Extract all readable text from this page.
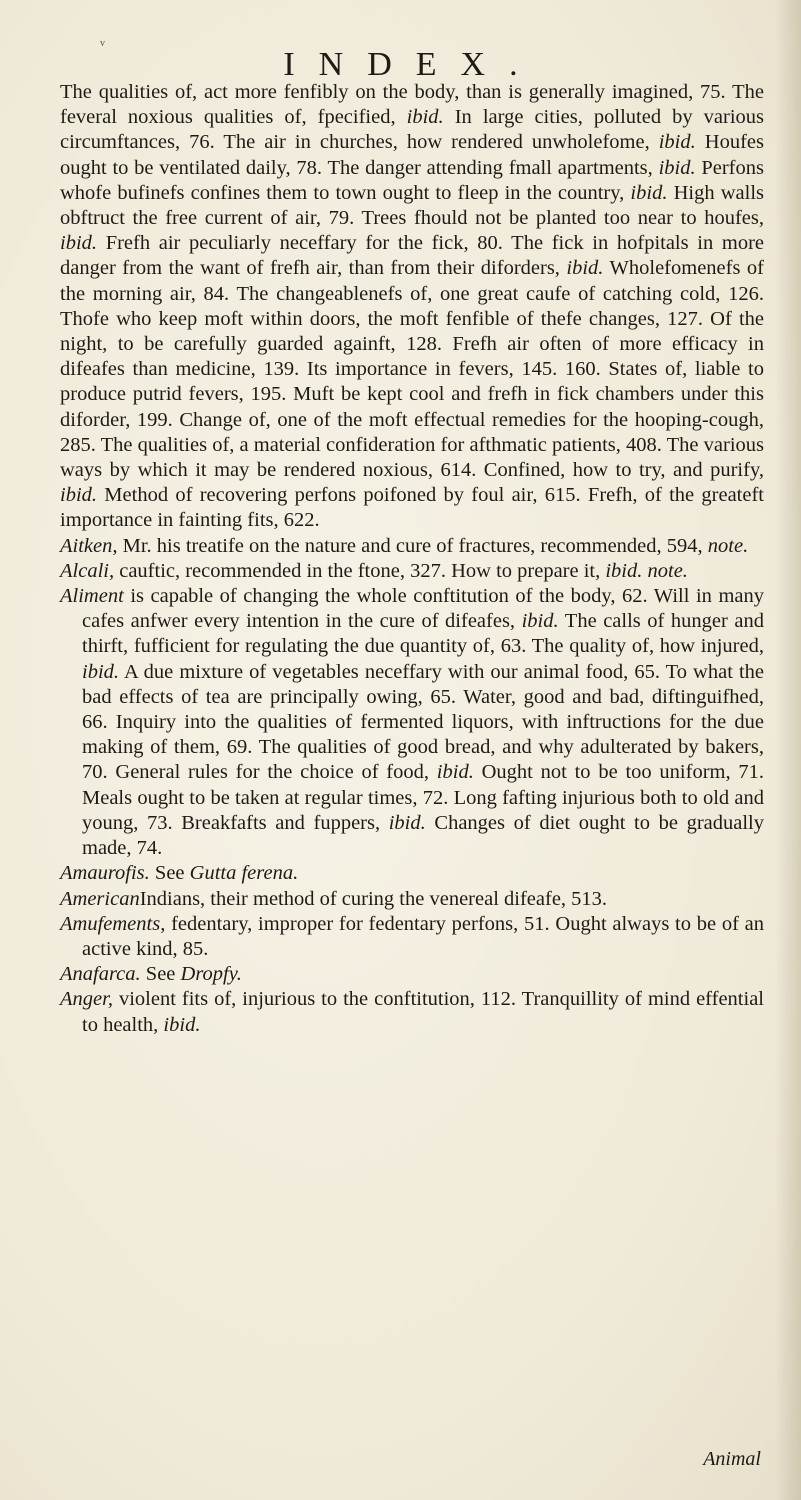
v
INDEX.

The qualities of, act more fenfibly on the body, than is generally imagined, 75. The feveral noxious qualities of, fpecified, ibid. In large cities, polluted by various circumftances, 76. The air in churches, how rendered unwholefome, ibid. Houfes ought to be ventilated daily, 78. The danger attending fmall apartments, ibid. Perfons whofe bufinefs confines them to town ought to fleep in the country, ibid. High walls obftruct the free current of air, 79. Trees fhould not be planted too near to houfes, ibid. Frefh air peculiarly neceffary for the fick, 80. The fick in hofpitals in more danger from the want of frefh air, than from their diforders, ibid. Wholefomenefs of the morning air, 84. The changeablenefs of, one great caufe of catching cold, 126. Thofe who keep moft within doors, the moft fenfible of thefe changes, 127. Of the night, to be carefully guarded againft, 128. Frefh air often of more efficacy in difeafes than medicine, 139. Its importance in fevers, 145. 160. States of, liable to produce putrid fevers, 195. Muft be kept cool and frefh in fick chambers under this diforder, 199. Change of, one of the moft effectual remedies for the hooping-cough, 285. The qualities of, a material confideration for afthmatic patients, 408. The various ways by which it may be rendered noxious, 614. Confined, how to try, and purify, ibid. Method of recovering perfons poifoned by foul air, 615. Frefh, of the greateft importance in fainting fits, 622.

Aitken, Mr. his treatife on the nature and cure of fractures, recommended, 594, note.

Alcali, cauftic, recommended in the ftone, 327. How to prepare it, ibid. note.

Aliment is capable of changing the whole conftitution of the body, 62. Will in many cafes anfwer every intention in the cure of difeafes, ibid. The calls of hunger and thirft, fufficient for regulating the due quantity of, 63. The quality of, how injured, ibid. A due mixture of vegetables neceffary with our animal food, 65. To what the bad effects of tea are principally owing, 65. Water, good and bad, diftinguifhed, 66. Inquiry into the qualities of fermented liquors, with inftructions for the due making of them, 69. The qualities of good bread, and why adulterated by bakers, 70. General rules for the choice of food, ibid. Ought not to be too uniform, 71. Meals ought to be taken at regular times, 72. Long fafting injurious both to old and young, 73. Breakfafts and fuppers, ibid. Changes of diet ought to be gradually made, 74.

Amaurofis. See Gutta ferena.

AmericanIndians, their method of curing the venereal difeafe, 513.

Amufements, fedentary, improper for fedentary perfons, 51. Ought always to be of an active kind, 85.

Anafarca. See Dropfy.

Anger, violent fits of, injurious to the conftitution, 112. Tranquillity of mind effential to health, ibid.

Animal
